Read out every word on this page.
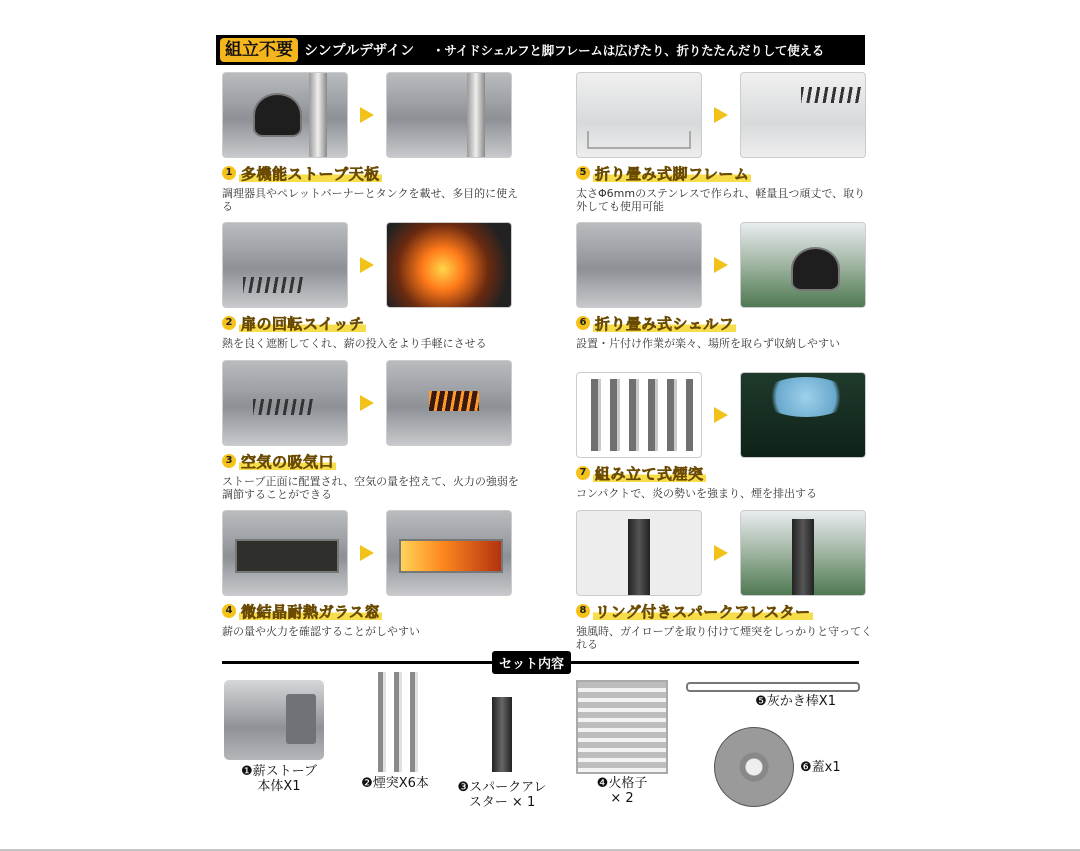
組立不要 シンプルデザイン ・サイドシェルフと脚フレームは広げたり、折りたたんだりして使える
1 多機能ストーブ天板
調理器具やペレットバーナーとタンクを載せ、多目的に使える
2 扉の回転スイッチ
熱を良く遮断してくれ、薪の投入をより手軽にさせる
3 空気の吸気口
ストーブ正面に配置され、空気の量を控えて、火力の強弱を調節することができる
4 微結晶耐熱ガラス窓
薪の量や火力を確認することがしやすい
5 折り畳み式脚フレーム
太さΦ6mmのステンレスで作られ、軽量且つ頑丈で、取り外しても使用可能
6 折り畳み式シェルフ
設置・片付け作業が楽々、場所を取らず収納しやすい
7 組み立て式煙突
コンパクトで、炎の勢いを強まり、煙を排出する
8 リング付きスパークアレスター
強風時、ガイロープを取り付けて煙突をしっかりと守ってくれる
セット内容
❶薪ストーブ
本体X1	❷煙突X6本	❸スパークアレ
スター × 1
❹火格子
× 2
❺灰かき棒X1
❻蓋x1
